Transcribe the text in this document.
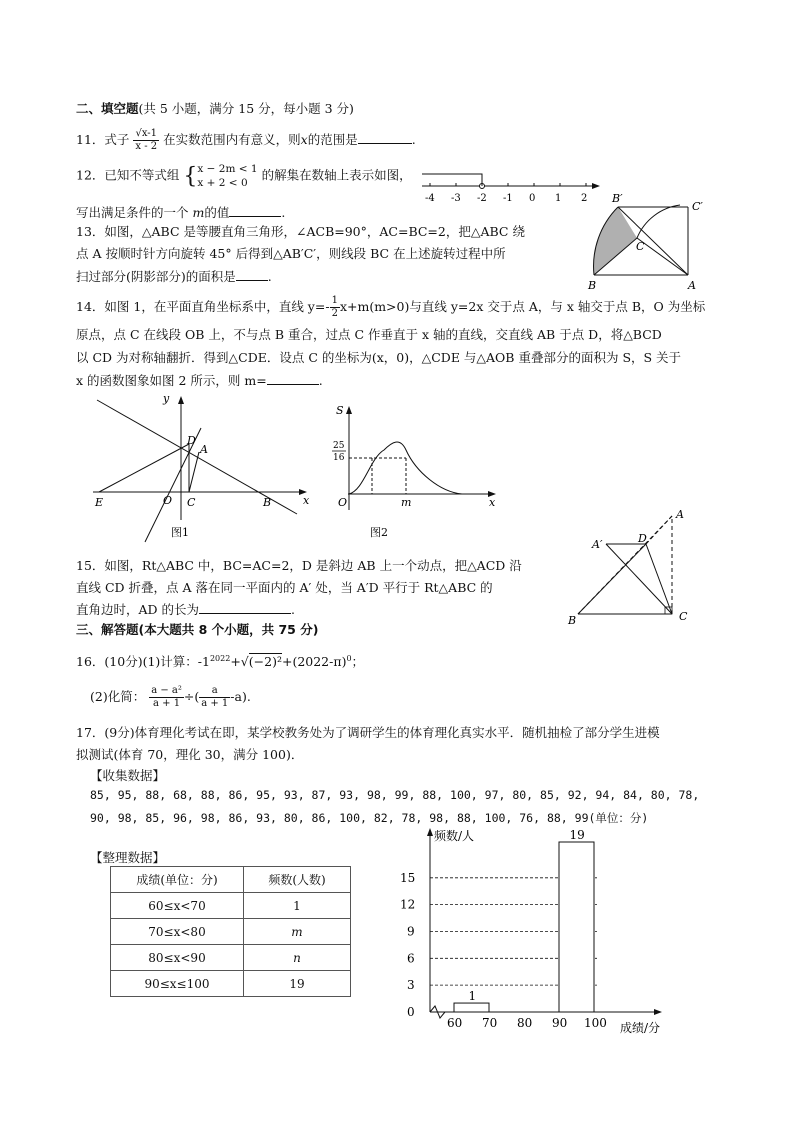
二、填空题(共 5 小题，满分 15 分，每小题 3 分)
11．式子 $\frac{√x-1}{x - 2}$ 在实数范围内有意义，则x的范围是	.
12．已知不等式组 { x − 2m < 1
x + 2 < 0
的解集在数轴上表示如图，
写出满足条件的一个 m的值	.
-4 -3 -2 -1 0 1 2
13．如图，△ABC 是等腰直角三角形，∠ACB=90°，AC=BC=2，把△ABC 绕
点 A 按顺时针方向旋转 45° 后得到△AB′C′，则线段 BC 在上述旋转过程中所
扫过部分(阴影部分)的面积是	.
B′
C′
C
B	A
14．如图 1，在平面直角坐标系中，直线 $y=- \frac{1}{2} x+m(m>0)$与直线 y=2x 交于点 A，与 x 轴交于点 B，O 为坐标
原点，点 C 在线段 OB 上，不与点 B 重合，过点 C 作垂直于 x 轴的直线，交直线 AB 于点 D，将△BCD
以 CD 为对称轴翻折．得到△CDE．设点 C 的坐标为(x，0)，△CDE 与△AOB 重叠部分的面积为 S，S 关于
x 的函数图象如图 2 所示，则 m=	.
y
D
A
E	O C	B	x
图1
S
25
16
O	m	x
图2
15．如图，Rt△ABC 中，BC=AC=2，D 是斜边 AB 上一个动点，把△ACD 沿
直线 CD 折叠，点 A 落在同一平面内的 A′ 处，当 A′D 平行于 Rt△ABC 的
直角边时，AD 的长为	.
A
A′	D
B	C
三、解答题(本大题共 8 个小题，共 75 分)
16．(10分)(1)计算：$-1^{2022}+√(-2)^2+(2022-\pi)^0$；
(2)化简： $\frac{\text{a − a²}}{a + 1}$ ÷( $\frac{a}{a + 1} -a$).
17．(9分)体育理化考试在即，某学校教务处为了调研学生的体育理化真实水平．随机抽检了部分学生进模
拟测试(体育 70，理化 30，满分 100)．
【收集数据】
85, 95, 88, 68, 88, 86, 95, 93, 87, 93, 98, 99, 88, 100, 97, 80, 85, 92, 94, 84, 80, 78,
90, 98, 85, 96, 98, 86, 93, 80, 86, 100, 82, 78, 98, 88, 100, 76, 88, 99(单位：分)
【整理数据】
成绩(单位：分)	频数(人数)
60≤x<70	1
70≤x<80	m
80≤x<90	n
90≤x≤100	19
频数/人
成绩/分
0
3
6
9
12
15
60 70 80 90 100
1
19
